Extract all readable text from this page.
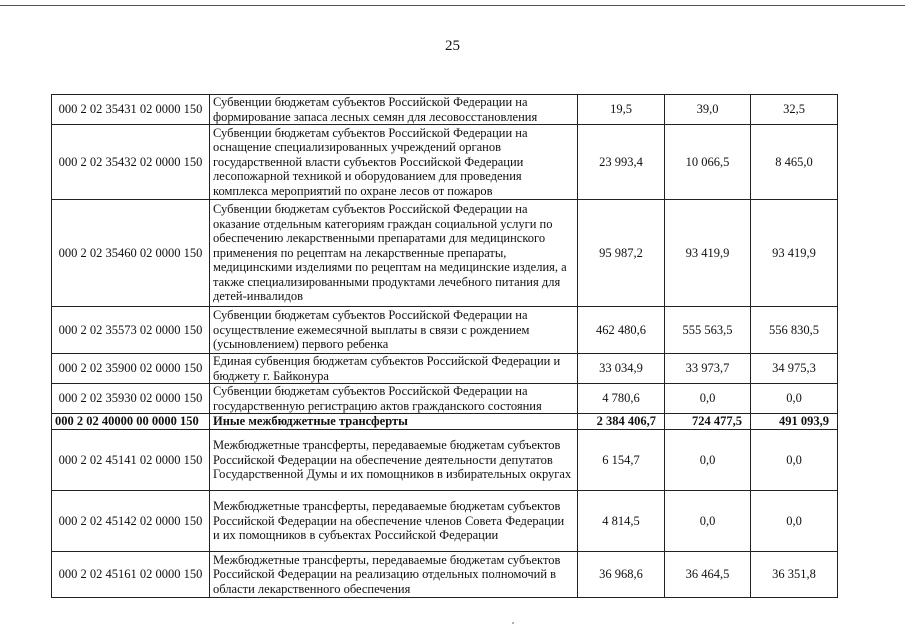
25
000 2 02 35431 02 0000 150	Субвенции бюджетам субъектов Российской Федерации на формирование запаса лесных семян для лесовосстановления	19,5	39,0	32,5
000 2 02 35432 02 0000 150	Субвенции бюджетам субъектов Российской Федерации на оснащение специализированных учреждений органов государственной власти субъектов Российской Федерации лесопожарной техникой и оборудованием для проведения комплекса мероприятий по охране лесов от пожаров	23 993,4	10 066,5	8 465,0
000 2 02 35460 02 0000 150	Субвенции бюджетам субъектов Российской Федерации на оказание отдельным категориям граждан социальной услуги по обеспечению лекарственными препаратами для медицинского применения по рецептам на лекарственные препараты, медицинскими изделиями по рецептам на медицинские изделия, а также специализированными продуктами лечебного питания для детей-инвалидов	95 987,2	93 419,9	93 419,9
000 2 02 35573 02 0000 150	Субвенции бюджетам субъектов Российской Федерации на осуществление ежемесячной выплаты в связи с рождением (усыновлением) первого ребенка	462 480,6	555 563,5	556 830,5
000 2 02 35900 02 0000 150	Единая субвенция бюджетам субъектов Российской Федерации и бюджету г. Байконура	33 034,9	33 973,7	34 975,3
000 2 02 35930 02 0000 150	Субвенции бюджетам субъектов Российской Федерации на государственную регистрацию актов гражданского состояния	4 780,6	0,0	0,0
000 2 02 40000 00 0000 150	Иные межбюджетные трансферты	2 384 406,7	724 477,5	491 093,9
000 2 02 45141 02 0000 150	Межбюджетные трансферты, передаваемые бюджетам субъектов Российской Федерации на обеспечение деятельности депутатов Государственной Думы и их помощников в избирательных округах	6 154,7	0,0	0,0
000 2 02 45142 02 0000 150	Межбюджетные трансферты, передаваемые бюджетам субъектов Российской Федерации на обеспечение членов Совета Федерации и их помощников в субъектах Российской Федерации	4 814,5	0,0	0,0
000 2 02 45161 02 0000 150	Межбюджетные трансферты, передаваемые бюджетам субъектов Российской Федерации на реализацию отдельных полномочий в области лекарственного обеспечения	36 968,6	36 464,5	36 351,8
